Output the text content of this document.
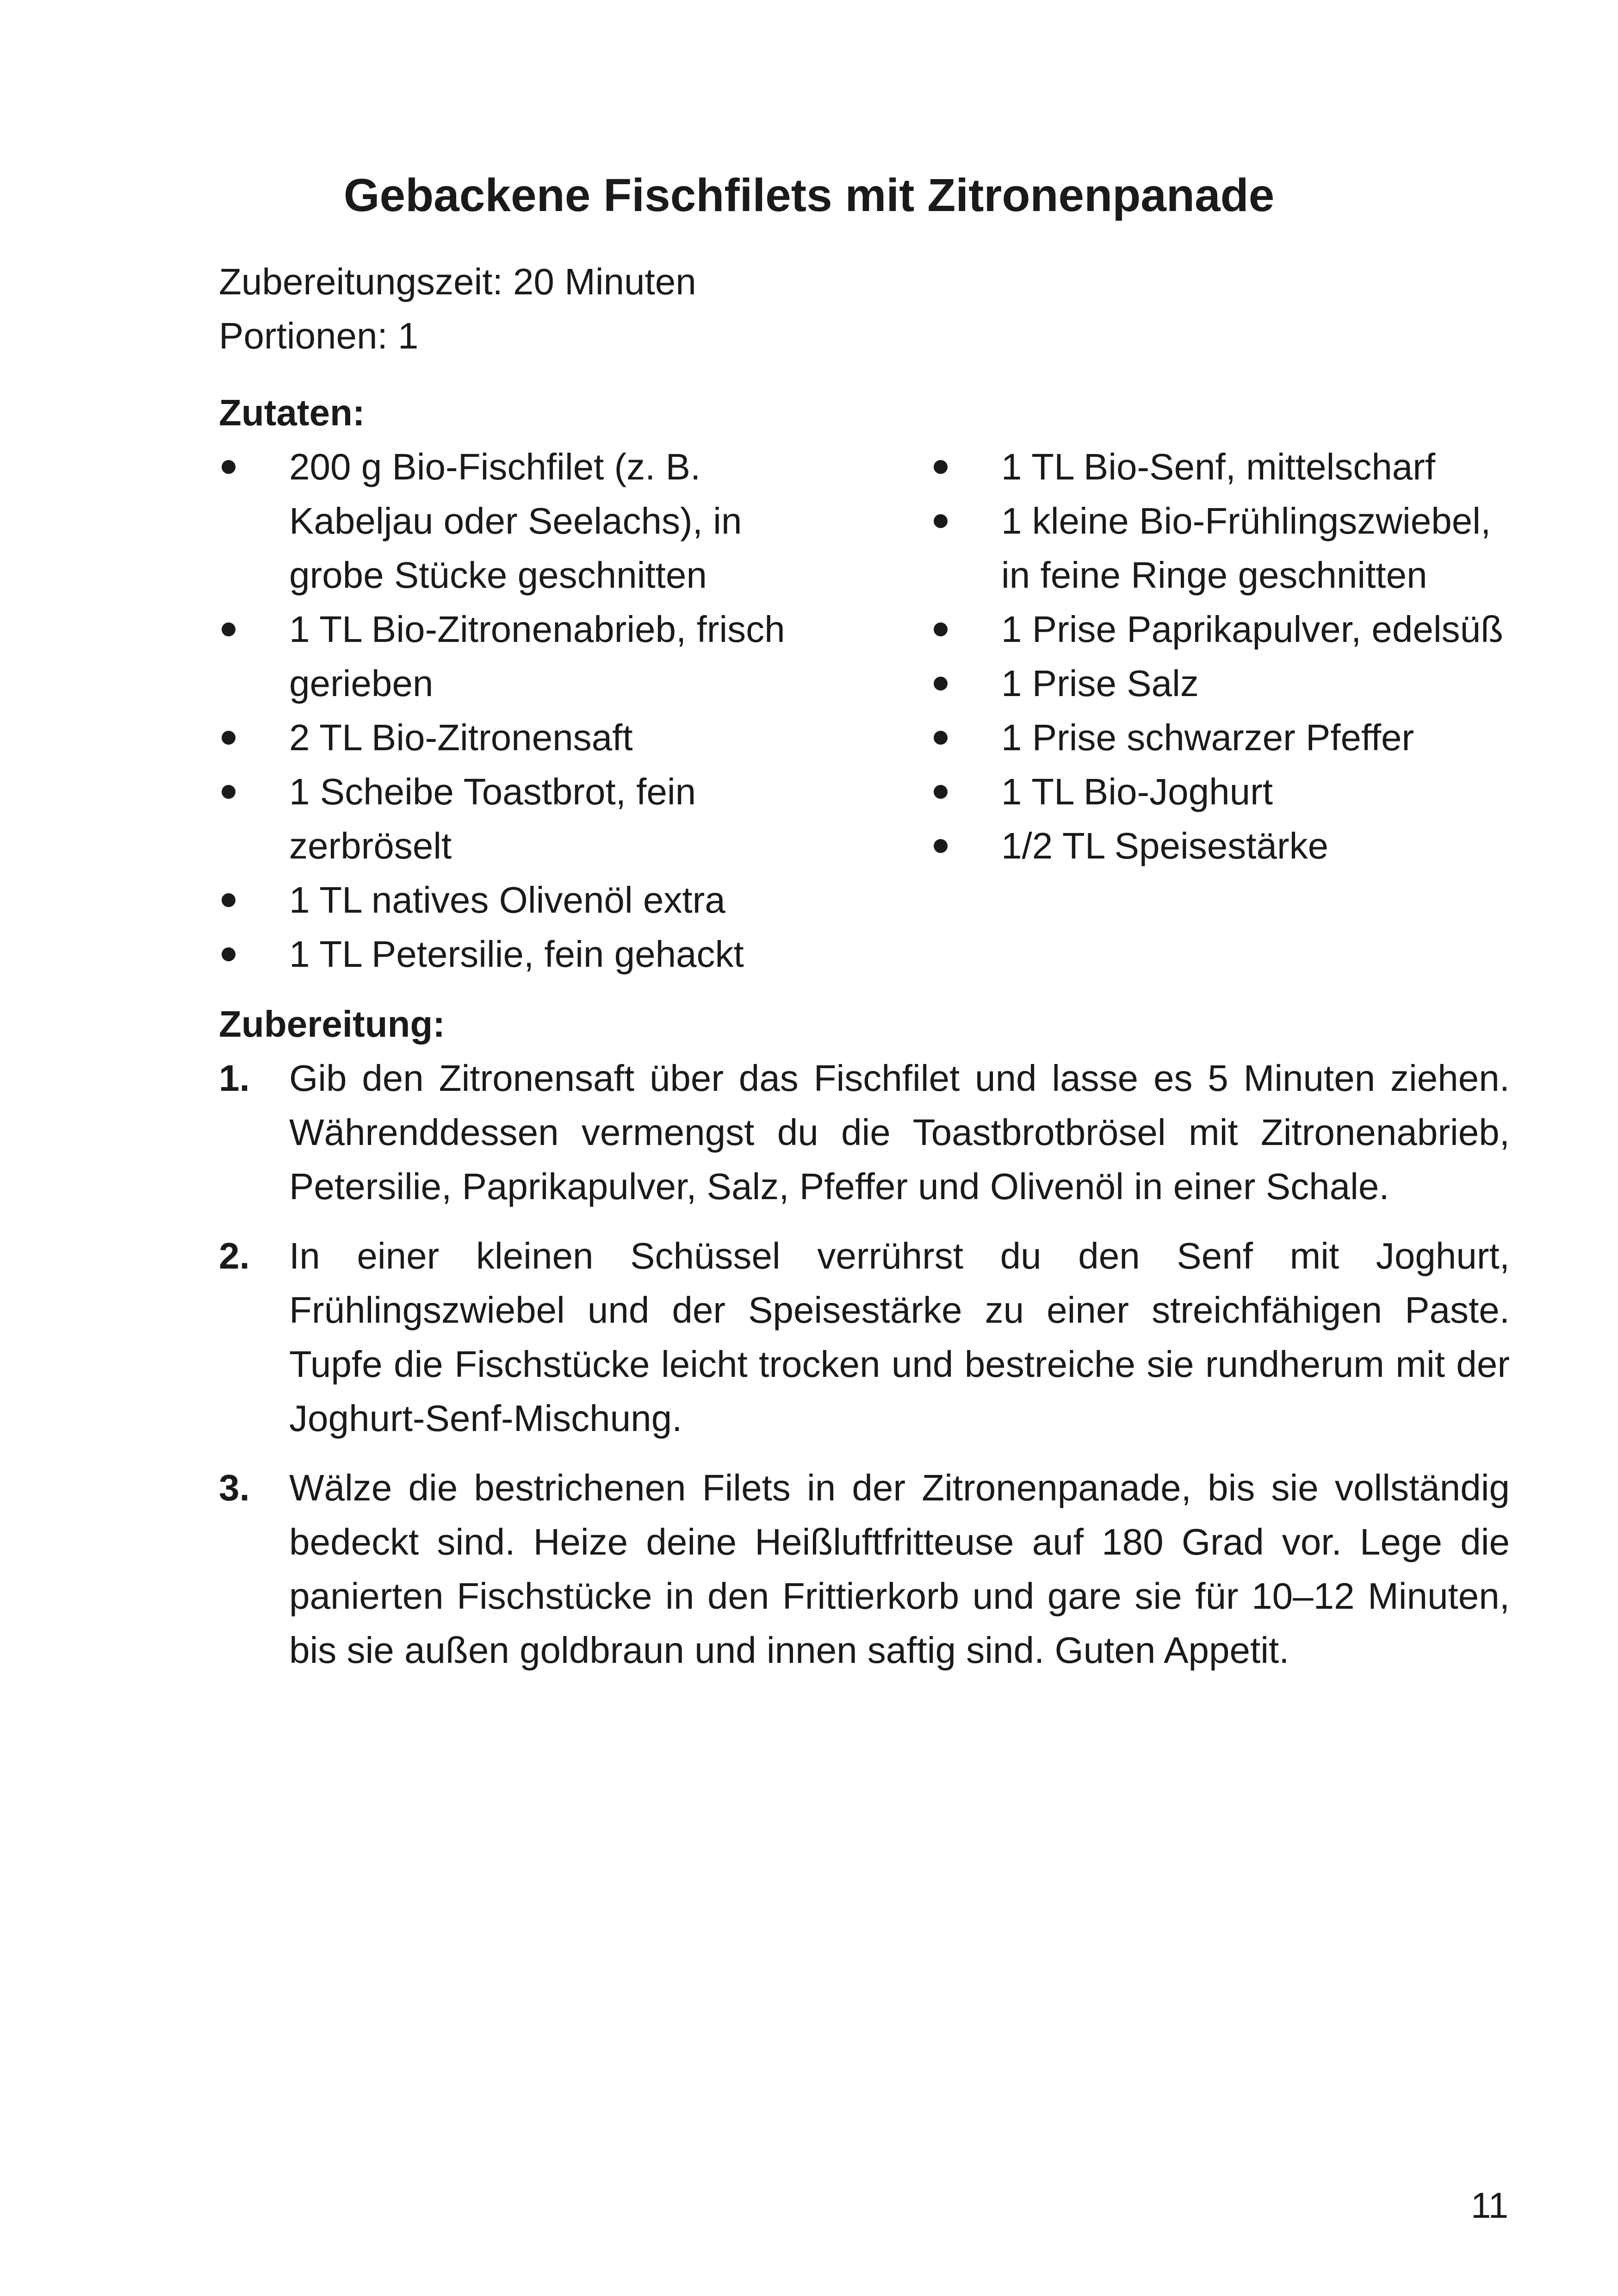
Gebackene Fischfilets mit Zitronenpanade

Zubereitungszeit: 20 Minuten

Portionen: 1

Zutaten:
200 g Bio-Fischfilet (z. B. Kabeljau oder Seelachs), in grobe Stücke geschnitten
1 TL Bio-Zitronenabrieb, frisch gerieben
2 TL Bio-Zitronensaft
1 Scheibe Toastbrot, fein zerbröselt
1 TL natives Olivenöl extra
1 TL Petersilie, fein gehackt
1 TL Bio-Senf, mittelscharf
1 kleine Bio-Frühlingszwiebel, in feine Ringe geschnitten
1 Prise Paprikapulver, edelsüß
1 Prise Salz
1 Prise schwarzer Pfeffer
1 TL Bio-Joghurt
1/2 TL Speisestärke
Zubereitung:
1. Gib den Zitronensaft über das Fischfilet und lasse es 5 Minuten ziehen. Währenddessen vermengst du die Toastbrotbrösel mit Zitronenabrieb, Petersilie, Paprikapulver, Salz, Pfeffer und Olivenöl in einer Schale.
2. In einer kleinen Schüssel verrührst du den Senf mit Joghurt, Frühlingszwiebel und der Speisestärke zu einer streichfähigen Paste. Tupfe die Fischstücke leicht trocken und bestreiche sie rundherum mit der Joghurt-Senf-Mischung.
3. Wälze die bestrichenen Filets in der Zitronenpanade, bis sie vollständig bedeckt sind. Heize deine Heißluftfritteuse auf 180 Grad vor. Lege die panierten Fischstücke in den Frittierkorb und gare sie für 10–12 Minuten, bis sie außen goldbraun und innen saftig sind. Guten Appetit.

11
